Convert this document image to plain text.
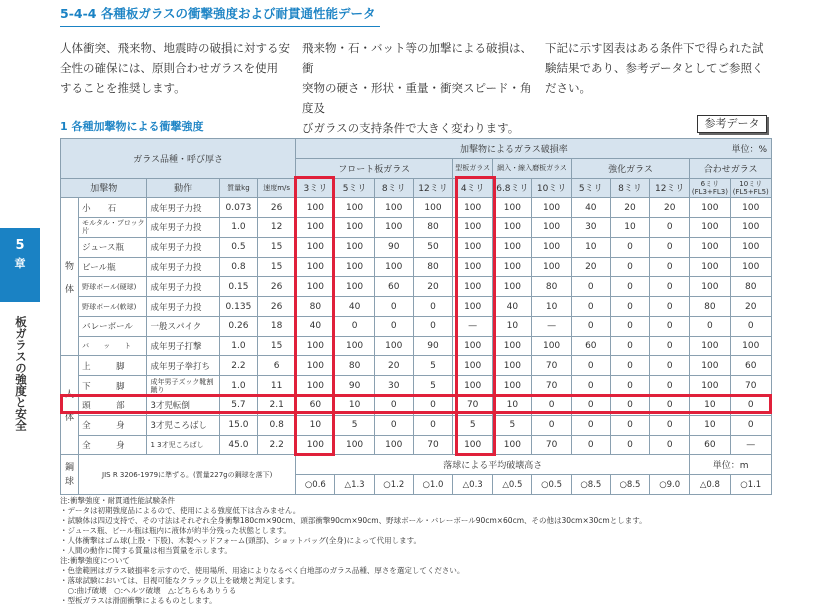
5-4-4 各種板ガラスの衝撃強度および耐貫通性能データ
人体衝突、飛来物、地震時の破損に対する安
全性の確保には、原則合わせガラスを使用
することを推奨します。
飛来物・石・バット等の加撃による破損は、衝
突物の硬さ・形状・重量・衝突スピード・角度及
びガラスの支持条件で大きく変わります。
下記に示す図表はある条件下で得られた試
験結果であり、参考データとしてご参照く
ださい。
5
章
板ガラスの強度と安全
1 各種加撃物による衝撃強度	参考データ
ガラス品種・呼び厚さ					加撃物によるガラス破損率 単位：%											

					フロート板ガラス				型板ガラス	網入・線入磨板ガラス		強化ガラス			合わせガラス	
加撃物		動作	質量kg	速度m/s	3ミリ	5ミリ	8ミリ	12ミリ	4ミリ	6.8ミリ	10ミリ	5ミリ	8ミリ	12ミリ	6ミリ
(FL3+FL3)	10ミリ
(FL5+FL5)
物

体	小　　石	成年男子力投	0.073	26	100	100	100	100	100	100	100	40	20	20	100	100
	モルタル・ブロック片	成年男子力投	1.0	12	100	100	100	80	100	100	100	30	10	0	100	100
	ジュース瓶	成年男子力投	0.5	15	100	100	90	50	100	100	100	10	0	0	100	100
	ビール瓶	成年男子力投	0.8	15	100	100	100	80	100	100	100	20	0	0	100	100
	野球ボール(硬球)	成年男子力投	0.15	26	100	100	60	20	100	100	80	0	0	0	100	80
	野球ボール(軟球)	成年男子力投	0.135	26	80	40	0	0	100	40	10	0	0	0	80	20
	バレーボール	一般スパイク	0.26	18	40	0	0	0	—	10	—	0	0	0	0	0
	バ　　ッ　　ト	成年男子打撃	1.0	15	100	100	100	90	100	100	100	60	0	0	100	100
人

体	上　　　脚	成年男子拳打ち	2.2	6	100	80	20	5	100	100	70	0	0	0	100	60
	下　　　脚	成年男子ズック靴割蹴り	1.0	11	100	90	30	5	100	100	70	0	0	0	100	70
	頭　　　部	3才児転倒	5.7	2.1	60	10	0	0	70	10	0	0	0	0	10	0
	全　　　身	3才児ころばし	15.0	0.8	10	5	0	0	5	5	0	0	0	0	10	0
	全　　　身	1 3才児ころばし	45.0	2.2	100	100	100	70	100	100	70	0	0	0	60	—
鋼
球	JIS R 3206-1979に準ずる。(質量227gの鋼球を落下)				落球による平均破壊高さ										単位：m	
					○0.6	△1.3	○1.2	○1.0	△0.3	△0.5	○0.5	○8.5	○8.5	○9.0	△0.8	○1.1
注:衝撃強度・耐貫通性能試験条件
・データは初期強度品によるので、使用による強度低下は含みません。
・試験体は四辺支持で、その寸法はそれぞれ全身衝撃180cm×90cm、頭部衝撃90cm×90cm、野球ボール・バレーボール90cm×60cm、その他は30cm×30cmとします。
・ジュース瓶、ビール瓶は瓶内に液体が約半分残った状態とします。
・人体衝撃はゴム球(上股・下股)、木製ヘッドフォーム(頭部)、ショットバッグ(全身)によって代用します。
・人間の動作に関する質量は相当質量を示します。
注:衝撃強度について
・色塗範囲はガラス破損率を示すので、使用場所、用途によりなるべく白地部のガラス品種、厚さを選定してください。
・落球試験においては、目視可能なクラック以上を破壊と判定します。
　○:曲げ破壊　○:ヘルツ破壊　△:どちらもありうる
・型板ガラスは滑面衝撃によるものとします。
